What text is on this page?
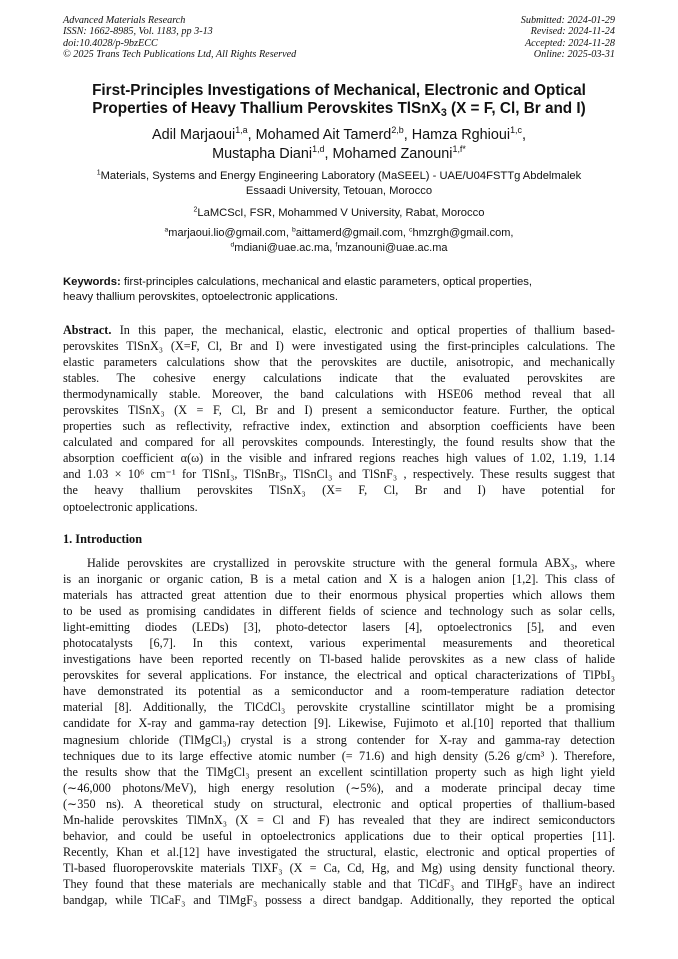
Advanced Materials Research
ISSN: 1662-8985, Vol. 1183, pp 3-13
doi:10.4028/p-9bzECC
© 2025 Trans Tech Publications Ltd, All Rights Reserved
Submitted: 2024-01-29
Revised: 2024-11-24
Accepted: 2024-11-28
Online: 2025-03-31
First-Principles Investigations of Mechanical, Electronic and Optical
Properties of Heavy Thallium Perovskites TlSnX$_3$ (X = F, Cl, Br and I)
Adil Marjaoui$^{1,a}$, Mohamed Ait Tamerd$^{2,b}$, Hamza Rghioui$^{1,c}$,
Mustapha Diani$^{1,d}$, Mohamed Zanouni$^{1,f*}$
$^1$Materials, Systems and Energy Engineering Laboratory (MaSEEL) - UAE/U04FSTTg Abdelmalek
Essaadi University, Tetouan, Morocco
$^2$LaMCScI, FSR, Mohammed V University, Rabat, Morocco
$^a$marjaoui.lio@gmail.com, $^b$aittamerd@gmail.com, $^c$hmzrgh@gmail.com,
$^d$mdiani@uae.ac.ma, $^f$mzanouni@uae.ac.ma
Keywords: first-principles calculations, mechanical and elastic parameters, optical properties,
heavy thallium perovskites, optoelectronic applications.
Abstract. In this paper, the mechanical, elastic, electronic and optical properties of thallium based-
perovskites TlSnX₃ (X=F, Cl, Br and I) were investigated using the first-principles calculations. The
elastic parameters calculations show that the perovskites are ductile, anisotropic, and mechanically
stables. The cohesive energy calculations indicate that the evaluated perovskites are
thermodynamically stable. Moreover, the band calculations with HSE06 method reveal that all
perovskites TlSnX₃ (X = F, Cl, Br and I) present a semiconductor feature. Further, the optical
properties such as reflectivity, refractive index, extinction and absorption coefficients have been
calculated and compared for all perovskites compounds. Interestingly, the found results show that the
absorption coefficient α(ω) in the visible and infrared regions reaches high values of 1.02, 1.19, 1.14
and 1.03 × 10⁶ cm⁻¹ for TlSnI₃, TlSnBr₃, TlSnCl₃ and TlSnF₃ , respectively. These results suggest that
the heavy thallium perovskites TlSnX₃ (X= F, Cl, Br and I) have potential for
optoelectronic applications.
1. Introduction
Halide perovskites are crystallized in perovskite structure with the general formula ABX₃, where
is an inorganic or organic cation, B is a metal cation and X is a halogen anion [1,2]. This class of
materials has attracted great attention due to their enormous physical properties which allows them
to be used as promising candidates in different fields of science and technology such as solar cells,
light-emitting diodes (LEDs) [3], photo-detector lasers [4], optoelectronics [5], and even
photocatalysts [6,7]. In this context, various experimental measurements and theoretical
investigations have been reported recently on Tl-based halide perovskites as a new class of halide
perovskites for several applications. For instance, the electrical and optical characterizations of TlPbI₃
have demonstrated its potential as a semiconductor and a room-temperature radiation detector
material [8]. Additionally, the TlCdCl₃ perovskite crystalline scintillator might be a promising
candidate for X-ray and gamma-ray detection [9]. Likewise, Fujimoto et al.[10] reported that thallium
magnesium chloride (TlMgCl₃) crystal is a strong contender for X-ray and gamma-ray detection
techniques due to its large effective atomic number (= 71.6) and high density (5.26 g/cm³ ). Therefore,
the results show that the TlMgCl₃ present an excellent scintillation property such as high light yield
(∼46,000 photons/MeV), high energy resolution (∼5%), and a moderate principal decay time
(∼350 ns). A theoretical study on structural, electronic and optical properties of thallium-based
Mn-halide perovskites TlMnX₃ (X = Cl and F) has revealed that they are indirect semiconductors
behavior, and could be useful in optoelectronics applications due to their optical properties [11].
Recently, Khan et al.[12] have investigated the structural, elastic, electronic and optical properties of
Tl-based fluoroperovskite materials TlXF₃ (X = Ca, Cd, Hg, and Mg) using density functional theory.
They found that these materials are mechanically stable and that TlCdF₃ and TlHgF₃ have an indirect
bandgap, while TlCaF₃ and TlMgF₃ possess a direct bandgap. Additionally, they reported the optical
